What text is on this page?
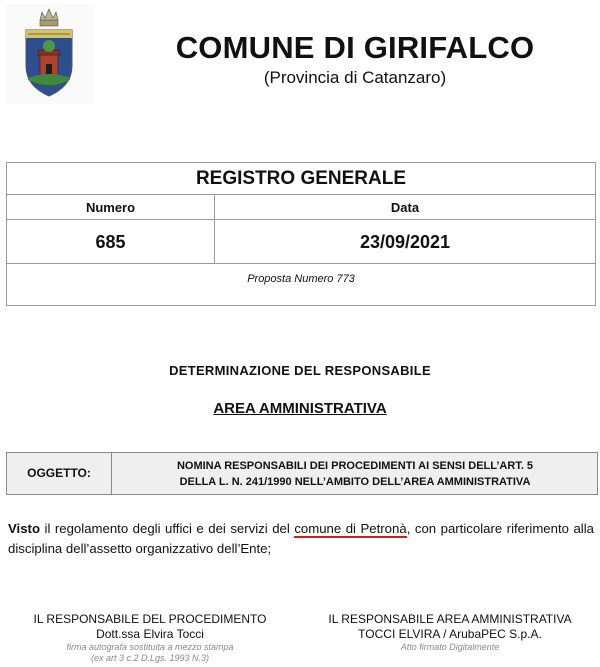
COMUNE DI GIRIFALCO
(Provincia di Catanzaro)
REGISTRO GENERALE
Numero	Data
685	23/09/2021
Proposta Numero 773
DETERMINAZIONE DEL RESPONSABILE
AREA AMMINISTRATIVA
OGGETTO:	NOMINA RESPONSABILI DEI PROCEDIMENTI AI SENSI DELL’ART. 5
DELLA L. N. 241/1990 NELL’AMBITO DELL’AREA AMMINISTRATIVA
Visto il regolamento degli uffici e dei servizi del comune di Petronà
, con particolare riferimento alla disciplina dell’assetto organizzativo dell’Ente;
IL RESPONSABILE DEL PROCEDIMENTO
Dott.ssa Elvira Tocci
firma autografa sostituita a mezzo stampa
(ex art 3 c.2 D.Lgs. 1993 N.3)
IL RESPONSABILE AREA AMMINISTRATIVA
TOCCI ELVIRA / ArubaPEC S.p.A.
Atto firmato Digitalmente
